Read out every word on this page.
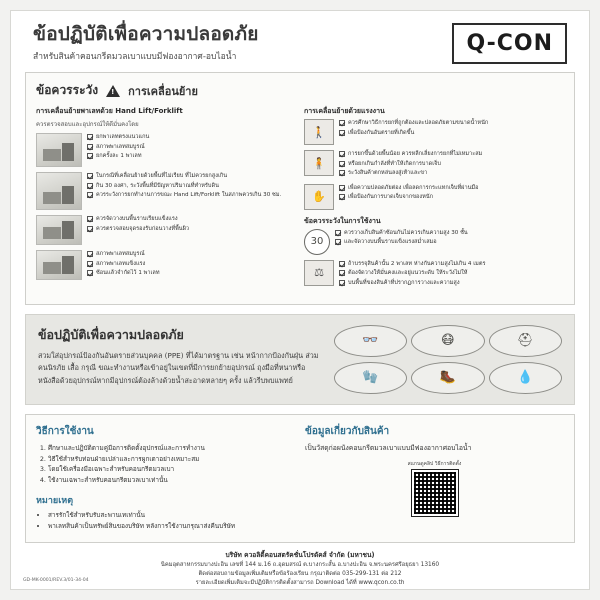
ข้อปฏิบัติเพื่อความปลอดภัย
สำหรับสินค้าคอนกรีตมวลเบาแบบมีฟองอากาศ-อบไอน้ำ
Q-CON
ข้อควรระวัง !	การเคลื่อนย้าย
การเคลื่อนย้ายพาเลทด้วย Hand Lift/Forklift
ควรตรวจสอบและอุปกรณ์ให้ดีมั่นคงโดย
ยกพาเลทตรงแนวแกน
สภาพพาเลทสมบูรณ์
ยกครั้งละ 1 พาเลท
ในกรณีที่เคลื่อนย้ายด้วยพื้นที่ไม่เรียบ ที่ไม่ควรยกสูงเกิน
กิน 30 องศา, ระวังพื้นที่มีปัญหาปริมาณที่ทำหรับดิน
ควรระวังการยกทำงานการขณะ Hand Lift/Forklift ในสภาพควรเกิน 30 ซม.
ควรจัดวางบนพื้นราบเรียบแข็งแรง
ควรตรวจสอบจุดรองรับก่อนวางที่พื้นผิว
สภาพพาเลทสมบูรณ์
สภาพพาเลทแข็งแรง
ซ้อนแล้วจำกัดไว้ 1 พาเลท
การเคลื่อนย้ายด้วยแรงงาน
🚶
ควรศึกษาวิธีการยกที่ถูกต้องและปลอดภัยตามขนาดน้ำหนัก
เพื่อป้องกันอันตรายที่เกิดขึ้น
🧍
การยกขึ้นด้วยพื้นน้อย ควรหลีกเลี่ยงการยกที่ไม่เหมาะสม
หรือยกเกินกำลังที่ทำให้เกิดการบาดเจ็บ
ระวังสินค้าตกหล่นลงสู่เท้าและขา
✋
เพื่อความปลอดภัยต่อง เพื่อลดการกระแทกเจ็บที่ผ่านมือ
เพื่อป้องกันการบาดเจ็บจากของหนัก
ข้อควรระวังในการใช้งาน
30
ควรวางเก็บสินค้าซ้อนกันไม่ควรเกินความสูง 30 ชั้น
และจัดวางบนพื้นราบแข็งแรงสม่ำเสมอ
⚖
ถ้าบรรจุสินค้านั้น 2 พาเลท ห่างกันความสูงไม่เกิน 4 เมตร
ต้องจัดวางให้มั่นคงและอยู่แนวระดับ ให้ระวังไม่ให้
บนพื้นที่ของสินค้าที่ปรากฏการวางและความสูง
ข้อปฏิบัติเพื่อความปลอดภัย
สวมใส่อุปกรณ์ป้องกันอันตรายส่วนบุคคล (PPE) ที่ได้มาตรฐาน เช่น หน้ากากป้องกันฝุ่น ส่วมคนนิรภัย เสื้อ กรุณี ขณะทำงานหรือเข้าอยู่ในเขตที่มีการยกย้ายอุปกรณ์ ถุงมือที่หนาหรือหนังสือด้วยอุปกรณ์หากมีอุปกรณ์ต้องล้างด้วยน้ำสะอาดหลายๆ ครั้ง แล้วรีบพบแพทย์
👓	😷	⛑
🧤	🥾	💧
วิธีการใช้งาน
1. ศึกษาและปฏิบัติตามคู่มือการติดตั้งอุปกรณ์และการทำงาน
2. วิธีใช้สำหรับท่อนฝ่ายเปล่าและการผูกเตาอย่างเหมาะสม
3. โดยใช้เครื่องมือเฉพาะสำหรับคอนกรีตมวลเบา
4. ใช้งานเฉพาะสำหรับคอนกรีตมวลเบาเท่านั้น
หมายเหตุ
• สารรักใช้สำหรับรับสะพานเทเท่านั้น
• พาเลทสินค้าเป็นทรัพย์สินของบริษัท หลังการใช้งานกรุณาส่งคืนบริษัท
ข้อมูลเกี่ยวกับสินค้า

เป็นวัสดุก่อผนังคอนกรีตมวลเบาแบบมีฟองอากาศอบไอน้ำ

สแกนดูคลิป วิธีการติดตั้ง
บริษัท ควอลิตี้คอนสตรัคชั่นโปรดัคส์ จำกัด (มหาชน)
นิคมอุตสาหกรรมบางปะอิน เลขที่ 144 ม.16 ถ.อุดมสรณ์ ต.บางกระสั้น อ.บางปะอิน จ.พระนครศรีอยุธยา 13160
ติดต่อสอบถามข้อมูลเพิ่มเติมหรือข้อร้องเรียน กรุณาติดต่อ 035-299-131 ต่อ 212
รายละเอียดเพิ่มเติมจะมีปฏิบัติการติดตั้งสามารถ Download ได้ที่ www.qcon.co.th
GD-MK-0001/REV.3/01-34-04
